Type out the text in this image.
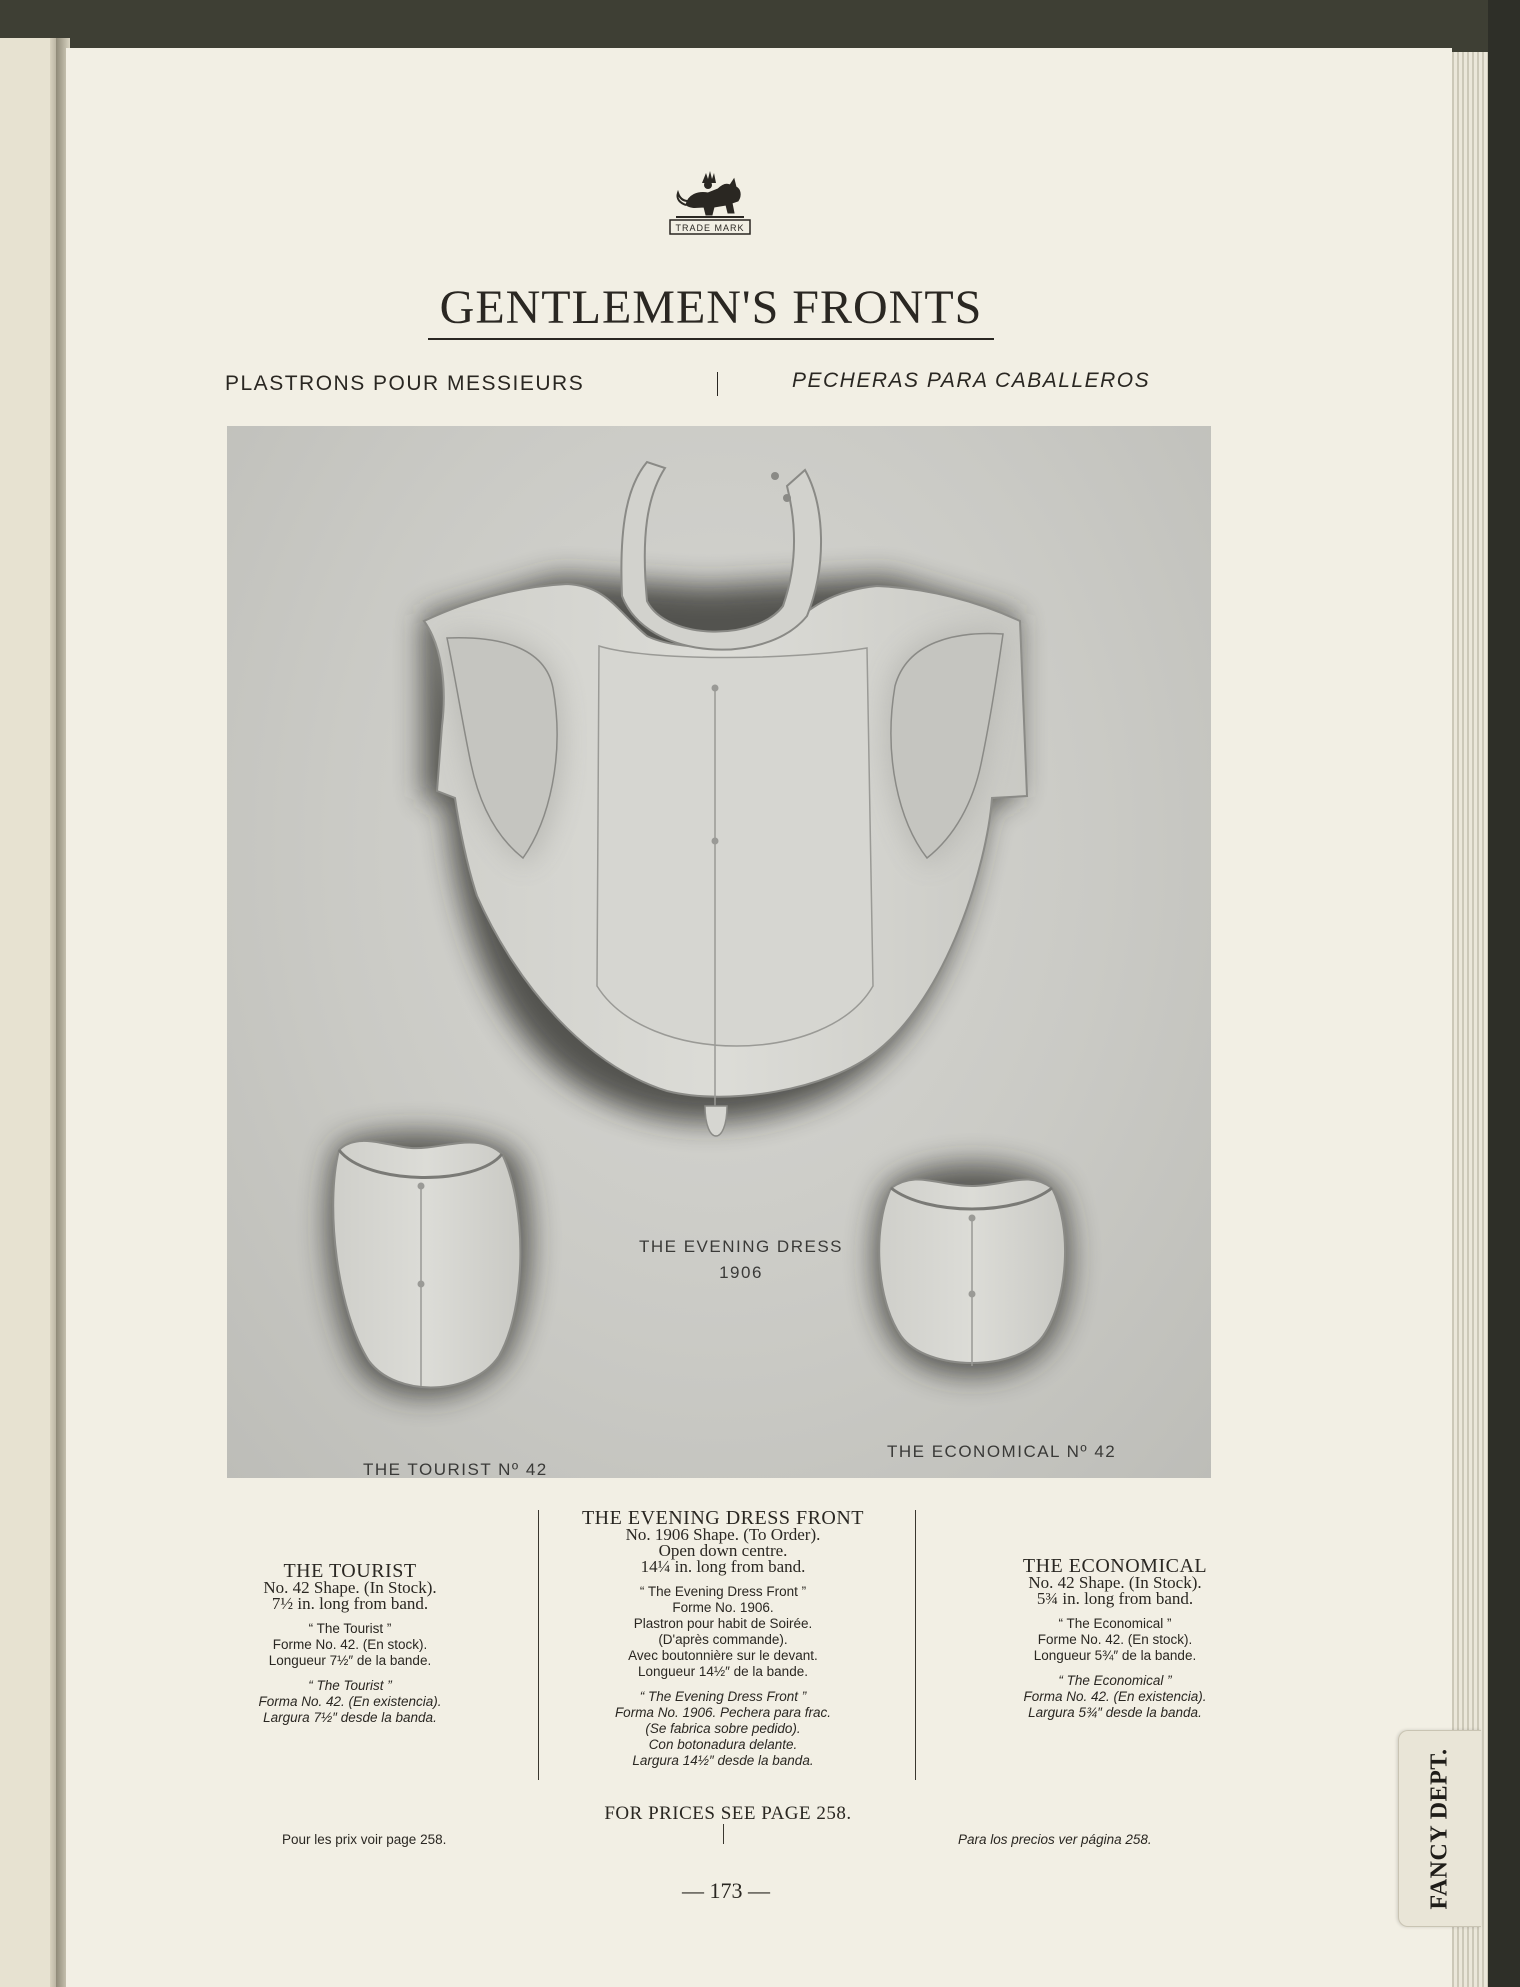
TRADE MARK
GENTLEMEN'S FRONTS
PLASTRONS POUR MESSIEURS	PECHERAS PARA CABALLEROS
THE EVENING DRESS
1906
THE TOURIST Nº 42
THE ECONOMICAL Nº 42
THE TOURIST
No. 42 Shape. (In Stock).
7½ in. long from band.
“ The Tourist ”
Forme No. 42. (En stock).
Longueur 7½″ de la bande.
“ The Tourist ”
Forma No. 42. (En existencia).
Largura 7½″ desde la banda.
THE EVENING DRESS FRONT
No. 1906 Shape. (To Order).
Open down centre.
14¼ in. long from band.
“ The Evening Dress Front ”
Forme No. 1906.
Plastron pour habit de Soirée.
(D'après commande).
Avec boutonnière sur le devant.
Longueur 14½″ de la bande.
“ The Evening Dress Front ”
Forma No. 1906. Pechera para frac.
(Se fabrica sobre pedido).
Con botonadura delante.
Largura 14½″ desde la banda.
THE ECONOMICAL
No. 42 Shape. (In Stock).
5¾ in. long from band.
“ The Economical ”
Forme No. 42. (En stock).
Longueur 5¾″ de la bande.
“ The Economical ”
Forma No. 42. (En existencia).
Largura 5¾″ desde la banda.
FOR PRICES SEE PAGE 258.
Pour les prix voir page 258.	Para los precios ver página 258.
— 173 —	FANCY DEPT.
